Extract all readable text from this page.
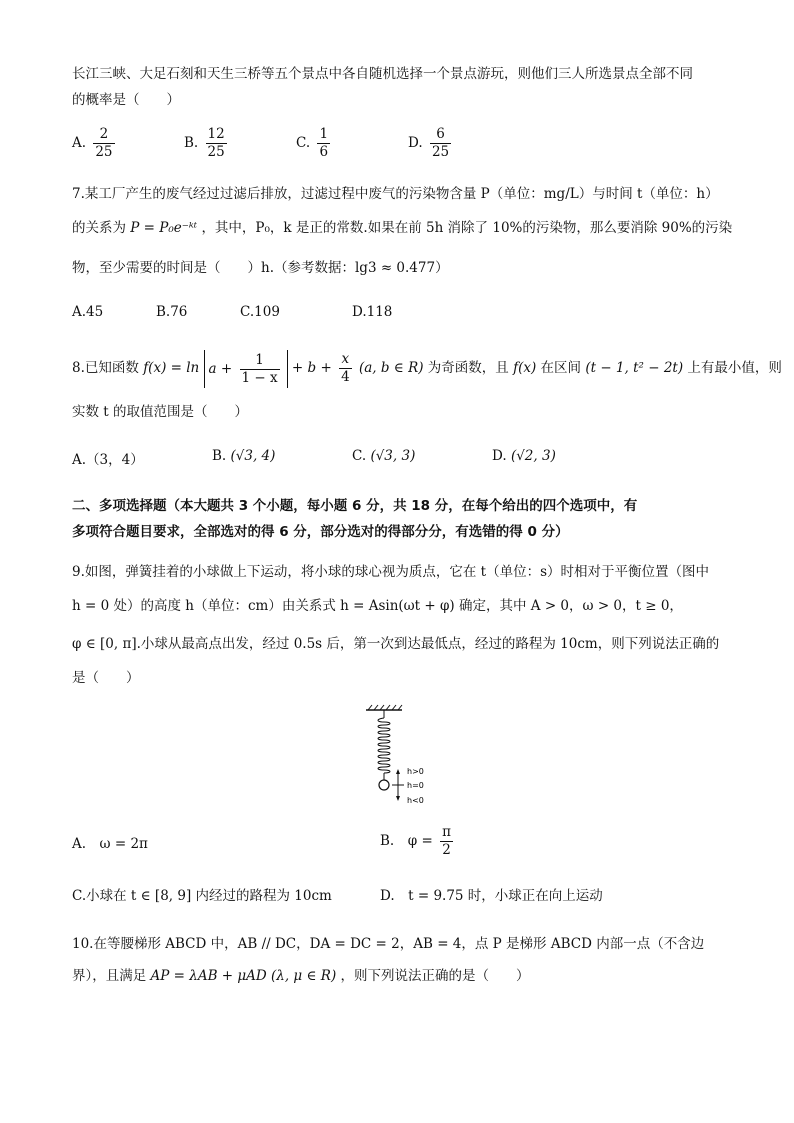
长江三峡、大足石刻和天生三桥等五个景点中各自随机选择一个景点游玩，则他们三人所选景点全部不同
的概率是（　　）
A. $\frac{2}{25}$	B. $\frac{12}{25}$	C. $\frac{1}{6}$	D. $\frac{6}{25}$
7.某工厂产生的废气经过过滤后排放，过滤过程中废气的污染物含量 P（单位：mg/L）与时间 t（单位：h）
的关系为 P = P₀e⁻ᵏᵗ ，其中，P₀，k 是正的常数.如果在前 5h 消除了 10%的污染物，那么要消除 90%的污染
物，至少需要的时间是（　　）h.（参考数据：lg3 ≈ 0.477）
A.45	B.76	C.109	D.118
8.已知函数 $f(x) = \ln a + \frac{1}{1 - x} + b + \frac{x}{4} (a$, b ∈ R) 为奇函数，且 f(x) 在区间 (t − 1, t² − 2t) 上有最小值，则
实数 t 的取值范围是（　　）
A.（3，4）	B. (√3, 4)	C. (√3, 3)	D. (√2, 3)
二、多项选择题（本大题共 3 个小题，每小题 6 分，共 18 分，在每个给出的四个选项中，有
多项符合题目要求，全部选对的得 6 分，部分选对的得部分分，有选错的得 0 分）
9.如图，弹簧挂着的小球做上下运动，将小球的球心视为质点，它在 t（单位：s）时相对于平衡位置（图中
h = 0 处）的高度 h（单位：cm）由关系式 h = Asin(ωt + φ) 确定，其中 A > 0，ω > 0，t ≥ 0，
φ ∈ [0, π].小球从最高点出发，经过 0.5s 后，第一次到达最低点，经过的路程为 10cm，则下列说法正确的
是（　　）
h>0
h=0
h<0
A.　ω = 2π	B.　$\varphi = \frac{\pi}{2}$
C.小球在 t ∈ [8, 9] 内经过的路程为 10cm	D.　t = 9.75 时，小球正在向上运动
10.在等腰梯形 ABCD 中，AB // DC，DA = DC = 2，AB = 4，点 P 是梯形 ABCD 内部一点（不含边
界），且满足 AP = λAB + μAD (λ, μ ∈ R) ，则下列说法正确的是（　　）
